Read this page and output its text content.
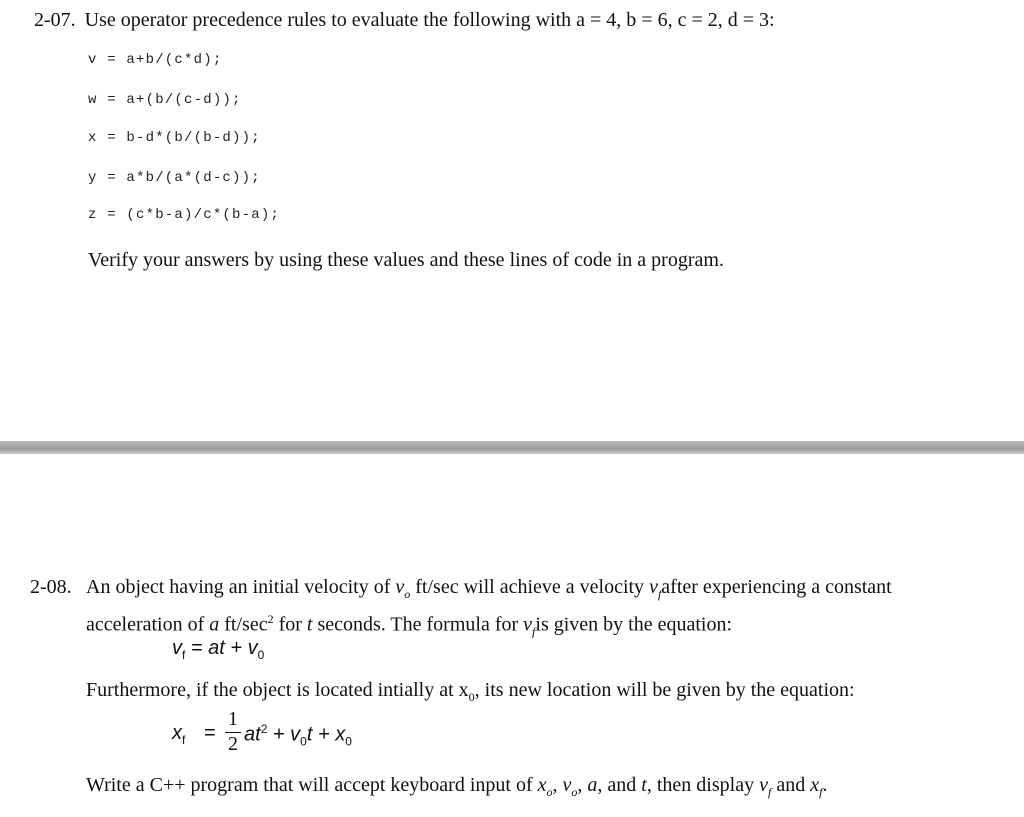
2-07. Use operator precedence rules to evaluate the following with a = 4, b = 6, c = 2, d = 3:
v = a+b/(c*d);
w = a+(b/(c-d));
x = b-d*(b/(b-d));
y = a*b/(a*(d-c));
z = (c*b-a)/c*(b-a);
Verify your answers by using these values and these lines of code in a program.
2-08. An object having an initial velocity of $v_o$ ft/sec will achieve a velocity $v_fafter$ experiencing a constant
acceleration of a $ft/\sec^2$ for t seconds. The formula for $v_fis$ given by the equation:
$v_f$ = at + $v_0$
Furthermore, if the object is located intially at $x_0$, its new location will be given by the equation:
$x_f$ =
1
2 $at^2 + v_0t + x_0$
Write a C++ program that will accept keyboard input of $x_o$, $v_o$, a, and t, then display $v_f$ and $x_f$.
